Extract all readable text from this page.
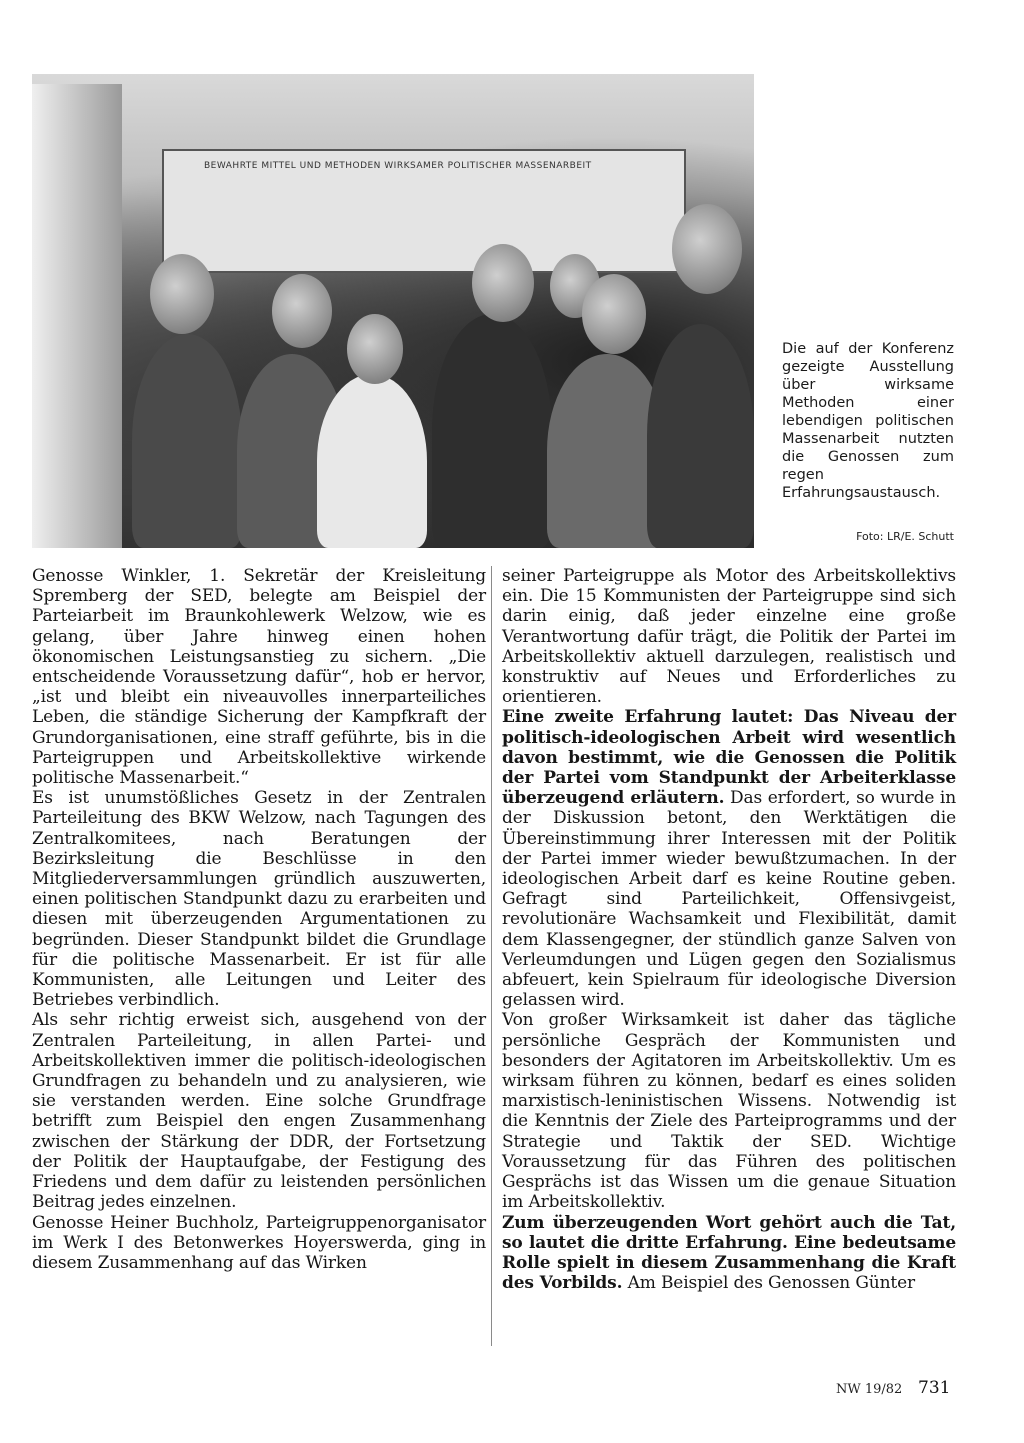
BEWÄHRTE MITTEL UND METHODEN WIRKSAMER POLITISCHER MASSENARBEIT
Die auf der Konferenz gezeigte Ausstellung über wirksame Methoden einer lebendigen politischen Massenarbeit nutzten die Genossen zum regen Erfahrungsaustausch.
Foto: LR/E. Schutt

Genosse Winkler, 1. Sekretär der Kreisleitung Spremberg der SED, belegte am Beispiel der Parteiarbeit im Braunkohlewerk Welzow, wie es gelang, über Jahre hinweg einen hohen ökonomischen Leistungsanstieg zu sichern. „Die entscheidende Voraussetzung dafür“, hob er hervor, „ist und bleibt ein niveauvolles innerparteiliches Leben, die ständige Sicherung der Kampfkraft der Grundorganisationen, eine straff geführte, bis in die Parteigruppen und Arbeitskollektive wirkende politische Massenarbeit.“

Es ist unumstößliches Gesetz in der Zentralen Parteileitung des BKW Welzow, nach Tagungen des Zentralkomitees, nach Beratungen der Bezirksleitung die Beschlüsse in den Mitgliederversammlungen gründlich auszuwerten, einen politischen Standpunkt dazu zu erarbeiten und diesen mit überzeugenden Argumentationen zu begründen. Dieser Standpunkt bildet die Grundlage für die politische Massenarbeit. Er ist für alle Kommunisten, alle Leitungen und Leiter des Betriebes verbindlich.

Als sehr richtig erweist sich, ausgehend von der Zentralen Parteileitung, in allen Partei- und Arbeitskollektiven immer die politisch-ideologischen Grundfragen zu behandeln und zu analysieren, wie sie verstanden werden. Eine solche Grundfrage betrifft zum Beispiel den engen Zusammenhang zwischen der Stärkung der DDR, der Fortsetzung der Politik der Hauptaufgabe, der Festigung des Friedens und dem dafür zu leistenden persönlichen Beitrag jedes einzelnen.

Genosse Heiner Buchholz, Parteigruppenorganisator im Werk I des Betonwerkes Hoyerswerda, ging in diesem Zusammenhang auf das Wirken

seiner Parteigruppe als Motor des Arbeitskollektivs ein. Die 15 Kommunisten der Parteigruppe sind sich darin einig, daß jeder einzelne eine große Verantwortung dafür trägt, die Politik der Partei im Arbeitskollektiv aktuell darzulegen, realistisch und konstruktiv auf Neues und Erforderliches zu orientieren.

Eine zweite Erfahrung lautet: Das Niveau der politisch-ideologischen Arbeit wird wesentlich davon bestimmt, wie die Genossen die Politik der Partei vom Standpunkt der Arbeiterklasse überzeugend erläutern. Das erfordert, so wurde in der Diskussion betont, den Werktätigen die Übereinstimmung ihrer Interessen mit der Politik der Partei immer wieder bewußtzumachen. In der ideologischen Arbeit darf es keine Routine geben. Gefragt sind Parteilichkeit, Offensivgeist, revolutionäre Wachsamkeit und Flexibilität, damit dem Klassengegner, der stündlich ganze Salven von Verleumdungen und Lügen gegen den Sozialismus abfeuert, kein Spielraum für ideologische Diversion gelassen wird.

Von großer Wirksamkeit ist daher das tägliche persönliche Gespräch der Kommunisten und besonders der Agitatoren im Arbeitskollektiv. Um es wirksam führen zu können, bedarf es eines soliden marxistisch-leninistischen Wissens. Notwendig ist die Kenntnis der Ziele des Parteiprogramms und der Strategie und Taktik der SED. Wichtige Voraussetzung für das Führen des politischen Gesprächs ist das Wissen um die genaue Situation im Arbeitskollektiv.

Zum überzeugenden Wort gehört auch die Tat, so lautet die dritte Erfahrung. Eine bedeutsame Rolle spielt in diesem Zusammenhang die Kraft des Vorbilds. Am Beispiel des Genossen Günter

NW 19/82 731
